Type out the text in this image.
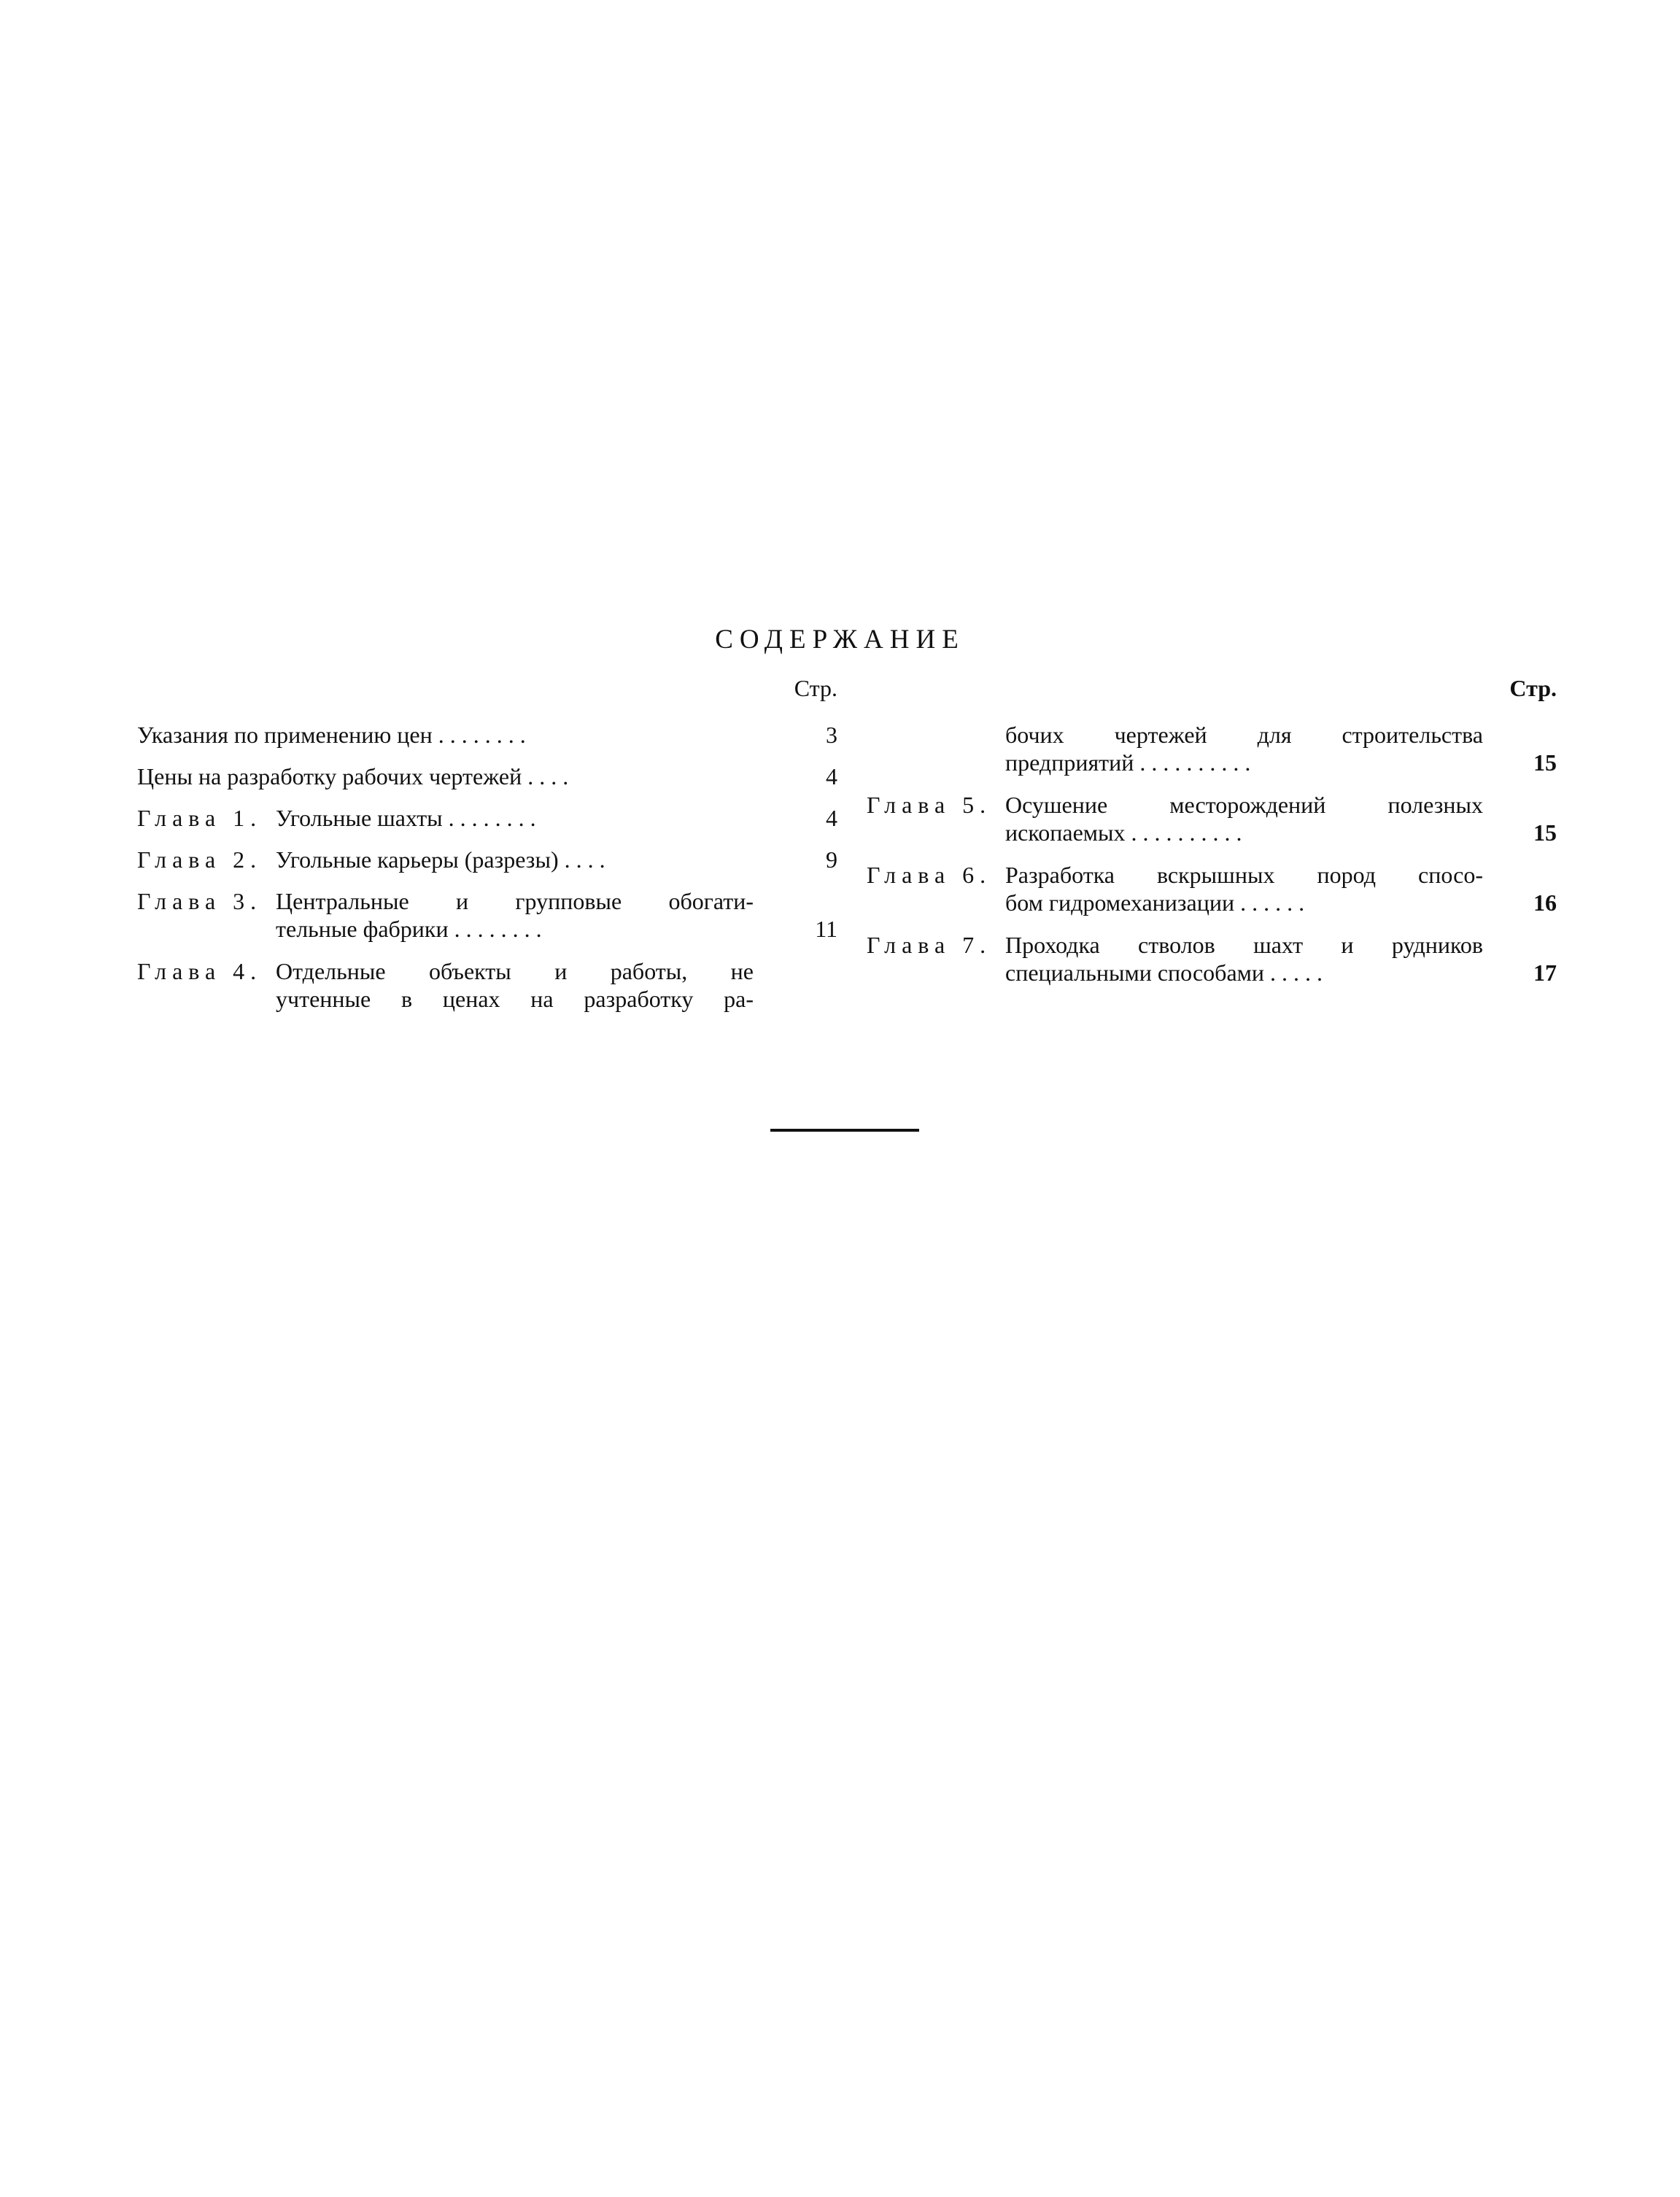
СОДЕРЖАНИЕ
Стр.
Указания по применению цен . . . . . . . .	3
Цены на разработку рабочих чертежей . . . .	4
Глава 1. Угольные шахты . . . . . . . .	4
Глава 2. Угольные карьеры (разрезы) . . . .	9
Глава 3. Центральные и групповые обогати-
тельные фабрики . . . . . . . .	11
Глава 4. Отдельные объекты и работы, не
учтенные в ценах на разработку ра-
Стр.
бочих чертежей для строительства
предприятий . . . . . . . . . .	15
Глава 5. Осушение месторождений полезных
ископаемых . . . . . . . . . .	15
Глава 6. Разработка вскрышных пород спосо-
бом гидромеханизации . . . . . .	16
Глава 7. Проходка стволов шахт и рудников
специальными способами . . . . .	17
